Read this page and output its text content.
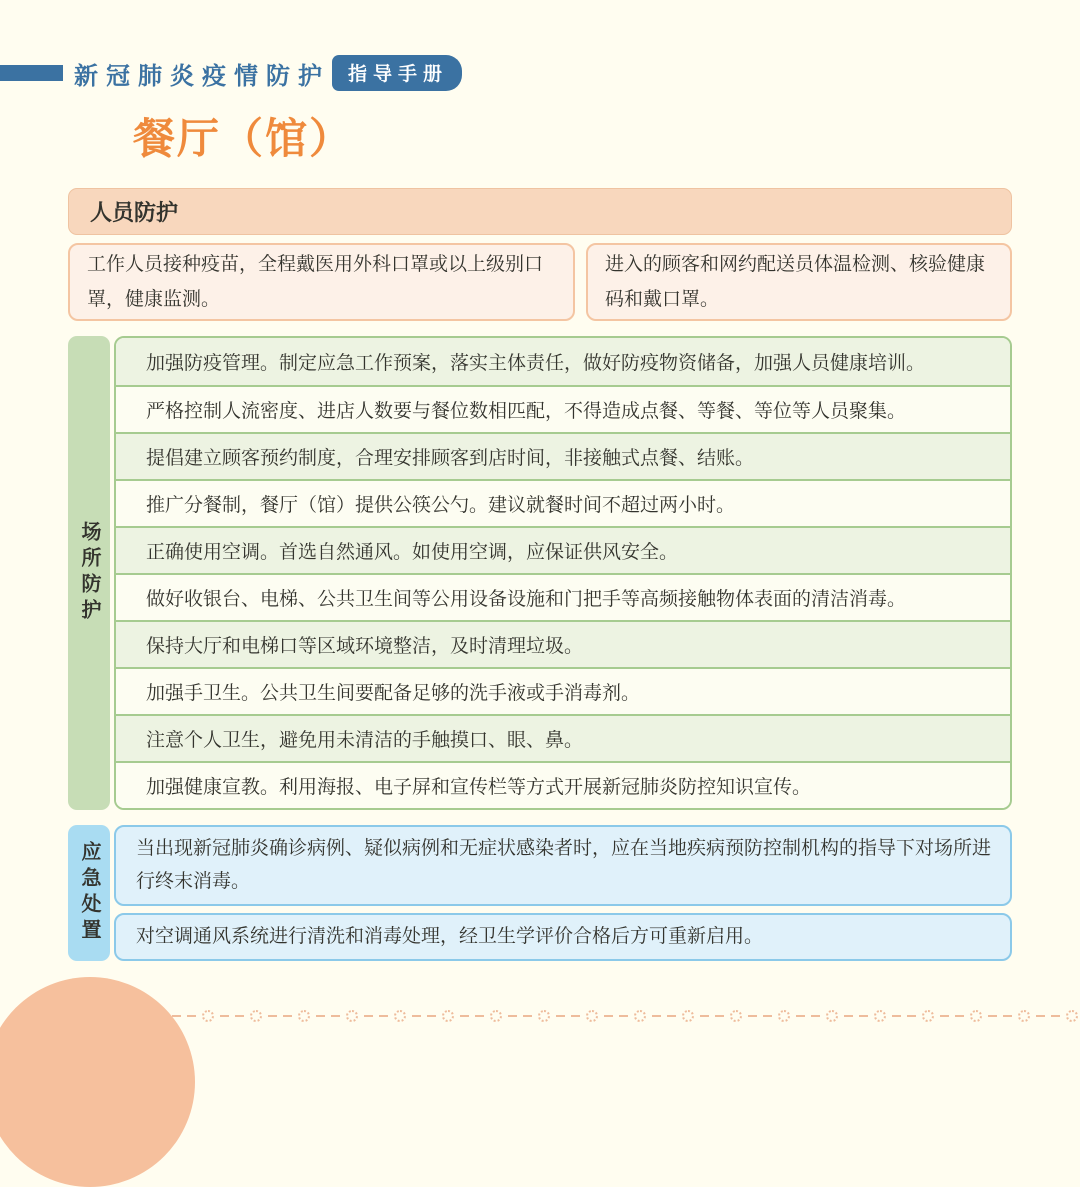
新冠肺炎疫情防护 指导手册
餐厅（馆）
人员防护
工作人员接种疫苗，全程戴医用外科口罩或以上级别口罩，健康监测。
进入的顾客和网约配送员体温检测、核验健康码和戴口罩。
场所防护
加强防疫管理。制定应急工作预案，落实主体责任，做好防疫物资储备，加强人员健康培训。
严格控制人流密度、进店人数要与餐位数相匹配，不得造成点餐、等餐、等位等人员聚集。
提倡建立顾客预约制度，合理安排顾客到店时间，非接触式点餐、结账。
推广分餐制，餐厅（馆）提供公筷公勺。建议就餐时间不超过两小时。
正确使用空调。首选自然通风。如使用空调，应保证供风安全。
做好收银台、电梯、公共卫生间等公用设备设施和门把手等高频接触物体表面的清洁消毒。
保持大厅和电梯口等区域环境整洁，及时清理垃圾。
加强手卫生。公共卫生间要配备足够的洗手液或手消毒剂。
注意个人卫生，避免用未清洁的手触摸口、眼、鼻。
加强健康宣教。利用海报、电子屏和宣传栏等方式开展新冠肺炎防控知识宣传。
应急处置 当出现新冠肺炎确诊病例、疑似病例和无症状感染者时，应在当地疾病预防控制机构的指导下对场所进行终末消毒。
对空调通风系统进行清洗和消毒处理，经卫生学评价合格后方可重新启用。
